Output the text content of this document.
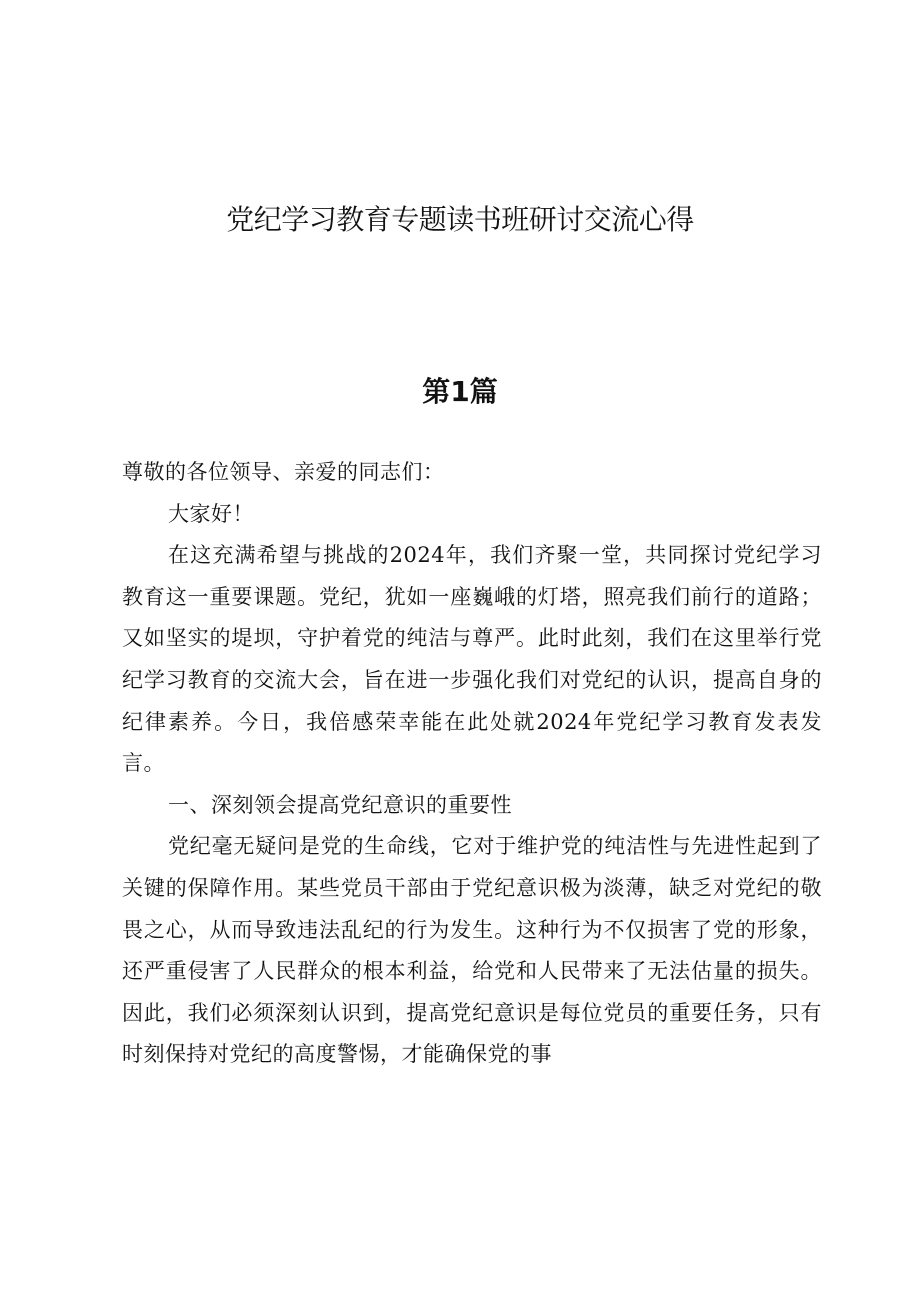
党纪学习教育专题读书班研讨交流心得
第1篇

尊敬的各位领导、亲爱的同志们：

大家好！

在这充满希望与挑战的2024年，我们齐聚一堂，共同探讨党纪学习教育这一重要课题。党纪，犹如一座巍峨的灯塔，照亮我们前行的道路；又如坚实的堤坝，守护着党的纯洁与尊严。此时此刻，我们在这里举行党纪学习教育的交流大会，旨在进一步强化我们对党纪的认识，提高自身的纪律素养。今日，我倍感荣幸能在此处就2024年党纪学习教育发表发言。

一、深刻领会提高党纪意识的重要性

党纪毫无疑问是党的生命线，它对于维护党的纯洁性与先进性起到了关键的保障作用。某些党员干部由于党纪意识极为淡薄，缺乏对党纪的敬畏之心，从而导致违法乱纪的行为发生。这种行为不仅损害了党的形象，还严重侵害了人民群众的根本利益，给党和人民带来了无法估量的损失。因此，我们必须深刻认识到，提高党纪意识是每位党员的重要任务，只有时刻保持对党纪的高度警惕，才能确保党的事
